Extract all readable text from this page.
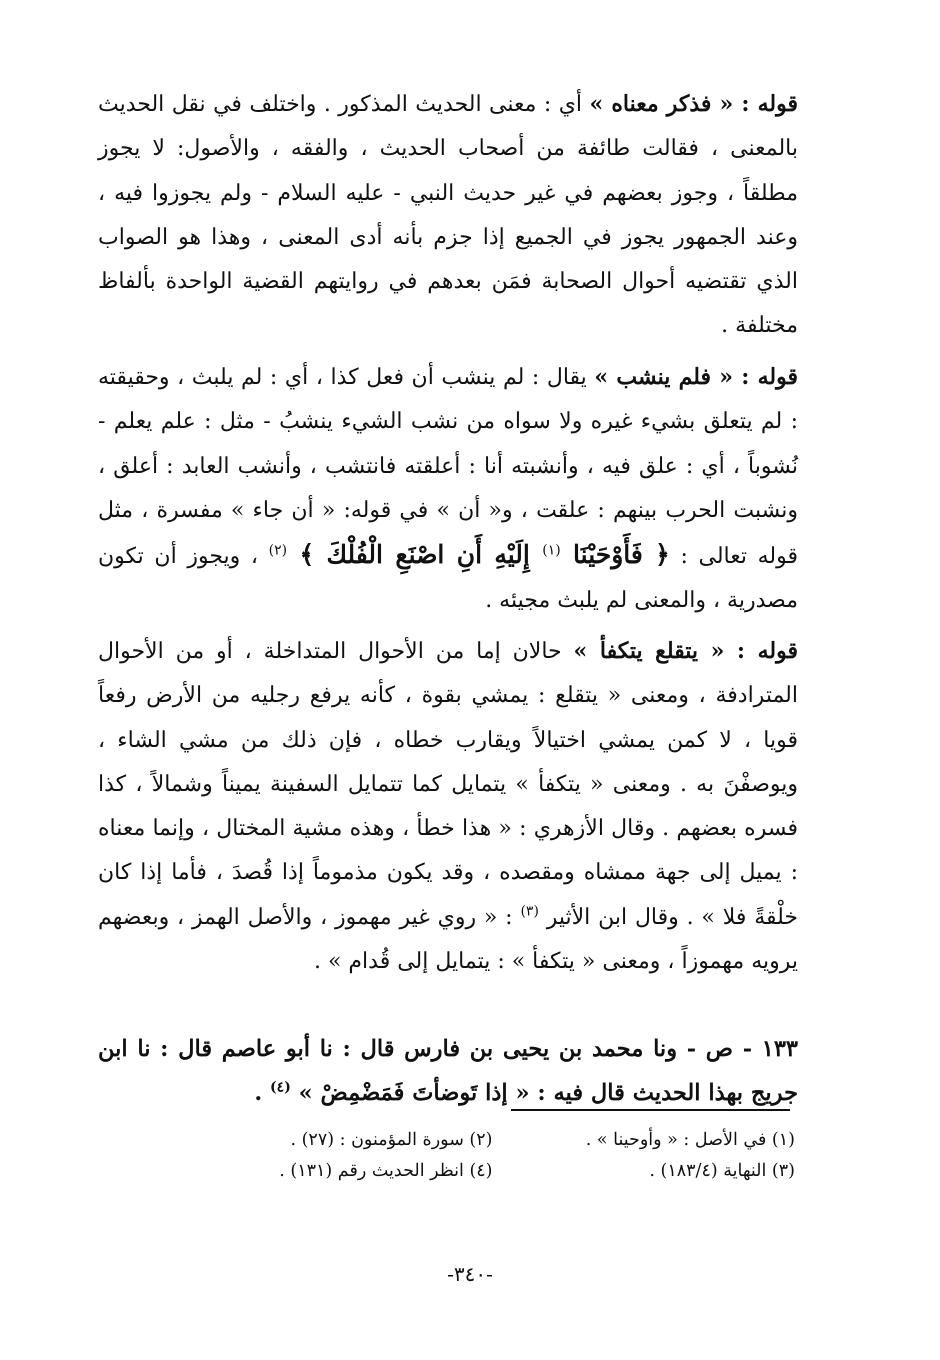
قوله : « فذكر معناه » أي : معنى الحديث المذكور . واختلف في نقل الحديث بالمعنى ، فقالت طائفة من أصحاب الحديث ، والفقه ، والأصول: لا يجوز مطلقاً ، وجوز بعضهم في غير حديث النبي - عليه السلام - ولم يجوزوا فيه ، وعند الجمهور يجوز في الجميع إذا جزم بأنه أدى المعنى ، وهذا هو الصواب الذي تقتضيه أحوال الصحابة فمَن بعدهم في روايتهم القضية الواحدة بألفاظ مختلفة .

قوله : « فلم ينشب » يقال : لم ينشب أن فعل كذا ، أي : لم يلبث ، وحقيقته : لم يتعلق بشيء غيره ولا سواه من نشب الشيء ينشبُ - مثل : علم يعلم - نُشوباً ، أي : علق فيه ، وأنشبته أنا : أعلقته فانتشب ، وأنشب العابد : أعلق ، ونشبت الحرب بينهم : علقت ، و« أن » في قوله: « أن جاء » مفسرة ، مثل قوله تعالى : ﴿ فَأَوْحَيْنَا $^{(١)}$ إِلَيْهِ أَنِ اصْنَعِ الْفُلْكَ ﴾ $^{(٢)}$ ، ويجوز أن تكون مصدرية ، والمعنى لم يلبث مجيئه .

قوله : « يتقلع يتكفأ » حالان إما من الأحوال المتداخلة ، أو من الأحوال المترادفة ، ومعنى « يتقلع : يمشي بقوة ، كأنه يرفع رجليه من الأرض رفعاً قويا ، لا كمن يمشي اختيالاً ويقارب خطاه ، فإن ذلك من مشي الشاء ، ويوصفْنَ به . ومعنى « يتكفأ » يتمايل كما تتمايل السفينة يميناً وشمالاً ، كذا فسره بعضهم . وقال الأزهري : « هذا خطأ ، وهذه مشية المختال ، وإنما معناه : يميل إلى جهة ممشاه ومقصده ، وقد يكون مذموماً إذا قُصدَ ، فأما إذا كان خلْقةً فلا » . وقال ابن الأثير $^{(٣)}$ : « روي غير مهموز ، والأصل الهمز ، وبعضهم يرويه مهموزاً ، ومعنى « يتكفأ » : يتمايل إلى قُدام » .

١٣٣ - ص - ونا محمد بن يحيى بن فارس قال : نا أبو عاصم قال : نا ابن جريج بهذا الحديث قال فيه : « إذا تَوضأتَ فَمَضْمِضْ » $^{(٤)}$ .

(١) في الأصل : « وأوحينا » .
(٢) سورة المؤمنون : (٢٧) .
(٣) النهاية (١٨٣/٤) .
(٤) انظر الحديث رقم (١٣١) .
-٣٤٠-
